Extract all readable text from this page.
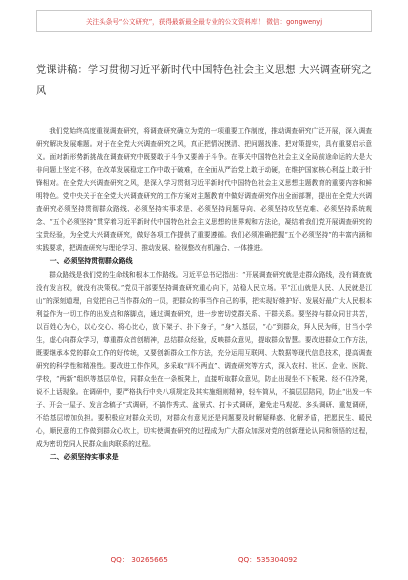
关注头条号“公文研究”，获得最新最全最专业的公文资料库！ 微信：gongwenyj
党课讲稿：学习贯彻习近平新时代中国特色社会主义思想 大兴调查研究之风

我们党始终高度重视调查研究，将调查研究确立为党的一项重要工作制度，推动调查研究广泛开展，深入调查研究解决发展难题。对于在全党大兴调查研究之风，真正把情况摸清、把问题找准、把对策提实，具有重要启示意义。面对新形势新挑战在调查研究中既要敢于斗争又要善于斗争。在事关中国特色社会主义全局前途命运的大是大非问题上坚定不移，在改革发展稳定工作中敢于破难，在全面从严治党上敢于动硬，在维护国家核心利益上敢于针锋相对。在全党大兴调查研究之风，是深入学习贯彻习近平新时代中国特色社会主义思想主题教育的重要内容和鲜明特色。党中央关于在全党大兴调查研究的工作方案对主题教育中做好调查研究作出全面部署，提出在全党大兴调查研究必须坚持贯彻群众路线、必须坚持实事求是、必须坚持问题导向、必须坚持攻坚克难、必须坚持系统观念、“五个必须坚持”贯穿着习近平新时代中国特色社会主义思想的世界观和方法论，凝结着我们党开展调查研究的宝贵经验，为全党大兴调查研究，做好各项工作提供了重要遵循。我们必须准确把握“五个必须坚持”的丰富内涵和实践要求，把调查研究与理论学习、推动发展、检视整改有机融合、一体推进。

一、必须坚持贯彻群众路线

群众路线是我们党的生命线和根本工作路线。习近平总书记指出：“开展调查研究就是走群众路线，没有调查就没有发言权，就没有决策权。”党员干部要坚持调查研究重心向下，站稳人民立场。平“江山就是人民、人民就是江山”的深刻道理，自觉把自己当作群众的一员，把群众的事当作自己的事，把实现好维护好、发展好最广大人民根本利益作为一切工作的出发点和落脚点，通过调查研究，进一步密切党群关系、干群关系。要坚持与群众同甘共苦，以百姓心为心，以心交心、将心比心，放下架子、扑下身子，“身”入基层，“心”到群众，拜人民为师，甘当小学生，虚心向群众学习，尊重群众首创精神，总结群众经验，反映群众意见，提取群众智慧。要改进群众工作方法，既要继承本党的群众工作的好传统，又要创新群众工作方法，充分运用互联网、大数据等现代信息技术，提高调查研究的科学性和精准性。要改进工作作风，多采取“四不两直”、调查研究等方式，深入农村、社区、企业、医院、学校，“两新”组织等基层单位，同群众坐在一条板凳上，直接听取群众意见，防止出现坐不下板凳、经不住冷凳，说不上话现象。在调研中，要严格执行中央八项规定及其实施细则精神，轻车简从，不搞层层陪同，防止“出发一车子、开会一屋子、发言念稿子”式调研，不搞作秀式、盆景式、打卡式调研，避免走马观花、多头调研、重复调研，不给基层增加负担。要积极应对群众关切，对群众有意见还是问题要及时解疑释惑、化解矛盾，把愿民生、暖民心，顺民意的工作做到群众心坎上，切实使调查研究的过程成为广大群众加深对党的创新理论认同和领悟的过程，成为密切党同人民群众血肉联系的过程。

二、必须坚持实事求是
QQ： 30265665	QQ：535304092
